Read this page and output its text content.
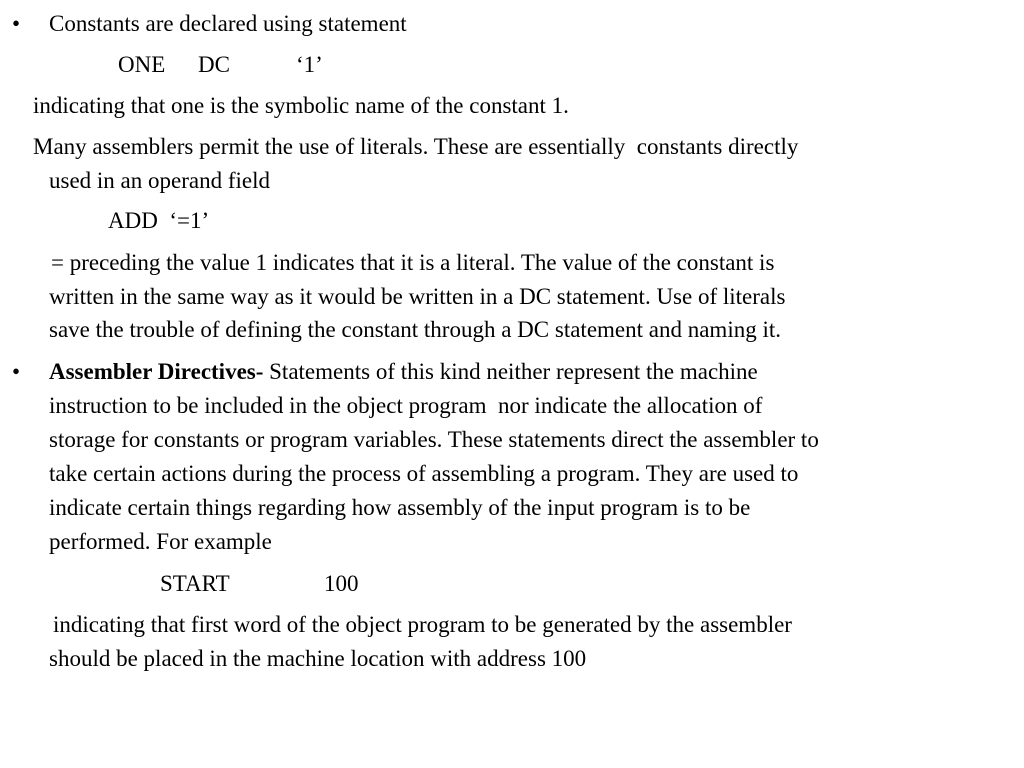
• Constants are declared using statement
ONE DC	‘1’
indicating that one is the symbolic name of the constant 1.
Many assemblers permit the use of literals. These are essentially  constants directly
used in an operand field
ADD  ‘=1’
= preceding the value 1 indicates that it is a literal. The value of the constant is
written in the same way as it would be written in a DC statement. Use of literals
save the trouble of defining the constant through a DC statement and naming it.
• Assembler Directives- Statements of this kind neither represent the machine
instruction to be included in the object program  nor indicate the allocation of
storage for constants or program variables. These statements direct the assembler to
take certain actions during the process of assembling a program. They are used to
indicate certain things regarding how assembly of the input program is to be
performed. For example
START	100
indicating that first word of the object program to be generated by the assembler
should be placed in the machine location with address 100
